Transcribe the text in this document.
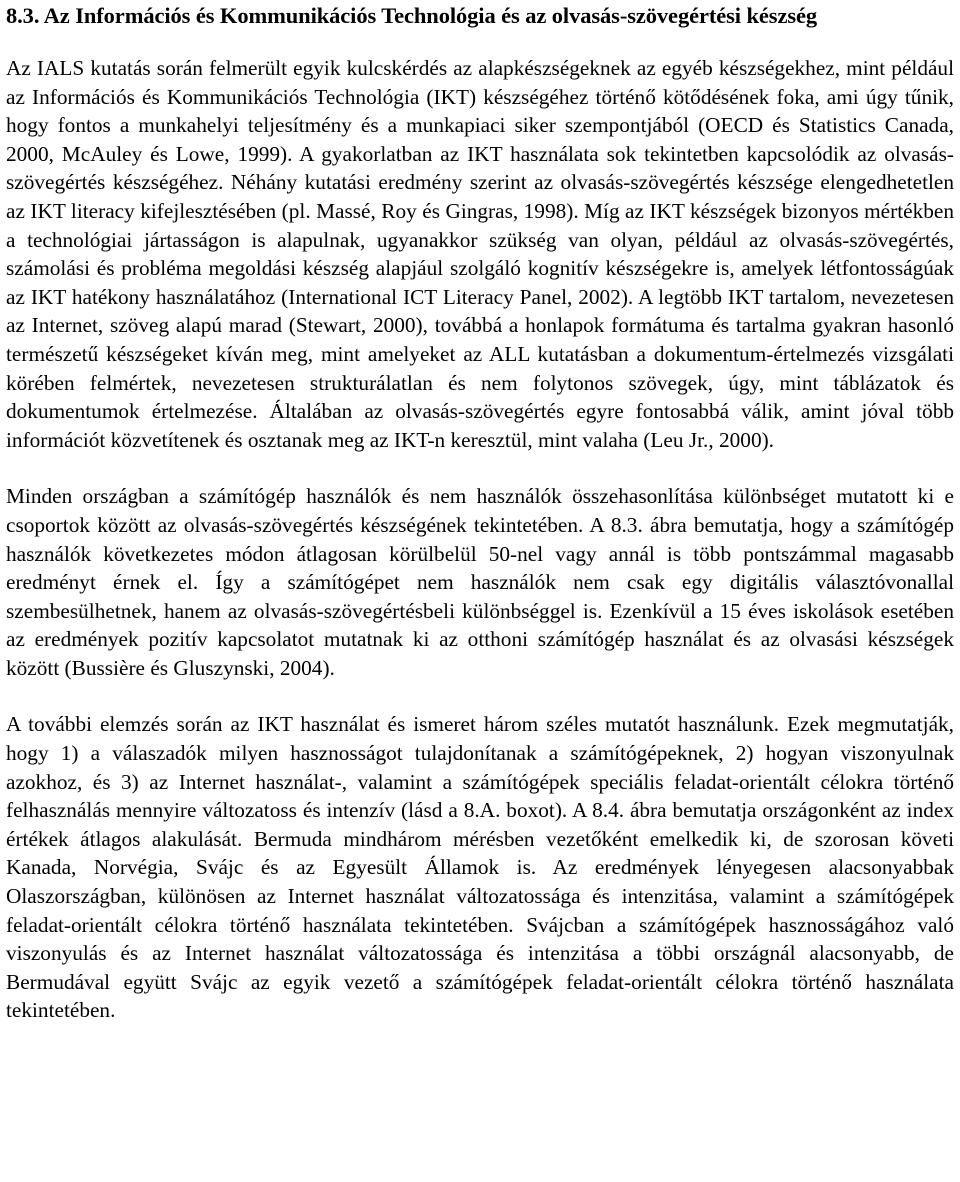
8.3. Az Információs és Kommunikációs Technológia és az olvasás-szövegértési készség

Az IALS kutatás során felmerült egyik kulcskérdés az alapkészségeknek az egyéb készségekhez, mint például az Információs és Kommunikációs Technológia (IKT) készségéhez történő kötődésének foka, ami úgy tűnik, hogy fontos a munkahelyi teljesítmény és a munkapiaci siker szempontjából (OECD és Statistics Canada, 2000, McAuley és Lowe, 1999). A gyakorlatban az IKT használata sok tekintetben kapcsolódik az olvasás-szövegértés készségéhez. Néhány kutatási eredmény szerint az olvasás-szövegértés készsége elengedhetetlen az IKT literacy kifejlesztésében (pl. Massé, Roy és Gingras, 1998). Míg az IKT készségek bizonyos mértékben a technológiai jártasságon is alapulnak, ugyanakkor szükség van olyan, például az olvasás-szövegértés, számolási és probléma megoldási készség alapjául szolgáló kognitív készségekre is, amelyek létfontosságúak az IKT hatékony használatához (International ICT Literacy Panel, 2002). A legtöbb IKT tartalom, nevezetesen az Internet, szöveg alapú marad (Stewart, 2000), továbbá a honlapok formátuma és tartalma gyakran hasonló természetű készségeket kíván meg, mint amelyeket az ALL kutatásban a dokumentum-értelmezés vizsgálati körében felmértek, nevezetesen strukturálatlan és nem folytonos szövegek, úgy, mint táblázatok és dokumentumok értelmezése. Általában az olvasás-szövegértés egyre fontosabbá válik, amint jóval több információt közvetítenek és osztanak meg az IKT-n keresztül, mint valaha (Leu Jr., 2000).

Minden országban a számítógép használók és nem használók összehasonlítása különbséget mutatott ki e csoportok között az olvasás-szövegértés készségének tekintetében. A 8.3. ábra bemutatja, hogy a számítógép használók következetes módon átlagosan körülbelül 50-nel vagy annál is több pontszámmal magasabb eredményt érnek el. Így a számítógépet nem használók nem csak egy digitális választóvonallal szembesülhetnek, hanem az olvasás-szövegértésbeli különbséggel is. Ezenkívül a 15 éves iskolások esetében az eredmények pozitív kapcsolatot mutatnak ki az otthoni számítógép használat és az olvasási készségek között (Bussière és Gluszynski, 2004).

A további elemzés során az IKT használat és ismeret három széles mutatót használunk. Ezek megmutatják, hogy 1) a válaszadók milyen hasznosságot tulajdonítanak a számítógépeknek, 2) hogyan viszonyulnak azokhoz, és 3) az Internet használat-, valamint a számítógépek speciális feladat-orientált célokra történő felhasználás mennyire változatoss és intenzív (lásd a 8.A. boxot). A 8.4. ábra bemutatja országonként az index értékek átlagos alakulását. Bermuda mindhárom mérésben vezetőként emelkedik ki, de szorosan követi Kanada, Norvégia, Svájc és az Egyesült Államok is. Az eredmények lényegesen alacsonyabbak Olaszországban, különösen az Internet használat változatossága és intenzitása, valamint a számítógépek feladat-orientált célokra történő használata tekintetében. Svájcban a számítógépek hasznosságához való viszonyulás és az Internet használat változatossága és intenzitása a többi országnál alacsonyabb, de Bermudával együtt Svájc az egyik vezető a számítógépek feladat-orientált célokra történő használata tekintetében.
